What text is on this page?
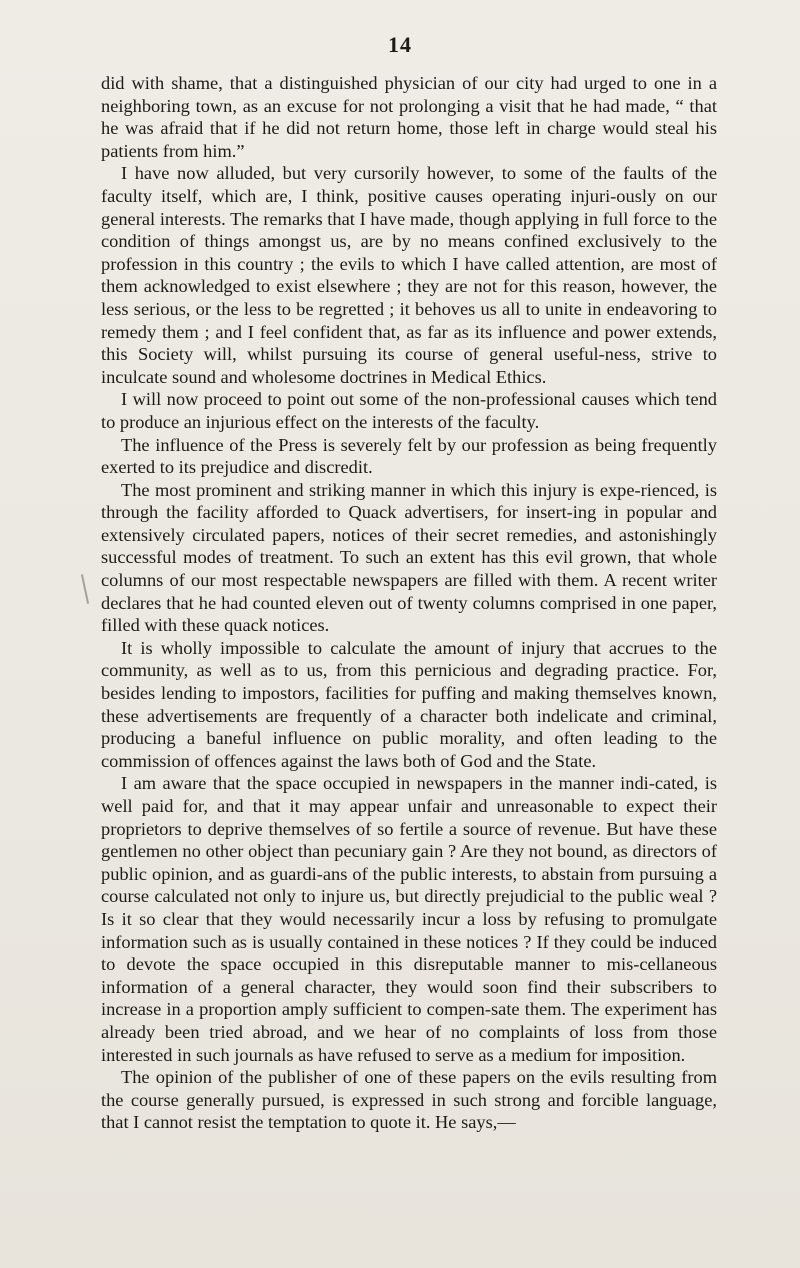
14

did with shame, that a distinguished physician of our city had urged to one in a neighboring town, as an excuse for not prolonging a visit that he had made, “ that he was afraid that if he did not return home, those left in charge would steal his patients from him.”

I have now alluded, but very cursorily however, to some of the faults of the faculty itself, which are, I think, positive causes operating injuri-ously on our general interests. The remarks that I have made, though applying in full force to the condition of things amongst us, are by no means confined exclusively to the profession in this country ; the evils to which I have called attention, are most of them acknowledged to exist elsewhere ; they are not for this reason, however, the less serious, or the less to be regretted ; it behoves us all to unite in endeavoring to remedy them ; and I feel confident that, as far as its influence and power extends, this Society will, whilst pursuing its course of general useful-ness, strive to inculcate sound and wholesome doctrines in Medical Ethics.

I will now proceed to point out some of the non-professional causes which tend to produce an injurious effect on the interests of the faculty.

The influence of the Press is severely felt by our profession as being frequently exerted to its prejudice and discredit.

The most prominent and striking manner in which this injury is expe-rienced, is through the facility afforded to Quack advertisers, for insert-ing in popular and extensively circulated papers, notices of their secret remedies, and astonishingly successful modes of treatment. To such an extent has this evil grown, that whole columns of our most respectable newspapers are filled with them. A recent writer declares that he had counted eleven out of twenty columns comprised in one paper, filled with these quack notices.

It is wholly impossible to calculate the amount of injury that accrues to the community, as well as to us, from this pernicious and degrading practice. For, besides lending to impostors, facilities for puffing and making themselves known, these advertisements are frequently of a character both indelicate and criminal, producing a baneful influence on public morality, and often leading to the commission of offences against the laws both of God and the State.

I am aware that the space occupied in newspapers in the manner indi-cated, is well paid for, and that it may appear unfair and unreasonable to expect their proprietors to deprive themselves of so fertile a source of revenue. But have these gentlemen no other object than pecuniary gain ? Are they not bound, as directors of public opinion, and as guardi-ans of the public interests, to abstain from pursuing a course calculated not only to injure us, but directly prejudicial to the public weal ? Is it so clear that they would necessarily incur a loss by refusing to promulgate information such as is usually contained in these notices ? If they could be induced to devote the space occupied in this disreputable manner to mis-cellaneous information of a general character, they would soon find their subscribers to increase in a proportion amply sufficient to compen-sate them. The experiment has already been tried abroad, and we hear of no complaints of loss from those interested in such journals as have refused to serve as a medium for imposition.

The opinion of the publisher of one of these papers on the evils resulting from the course generally pursued, is expressed in such strong and forcible language, that I cannot resist the temptation to quote it. He says,—
